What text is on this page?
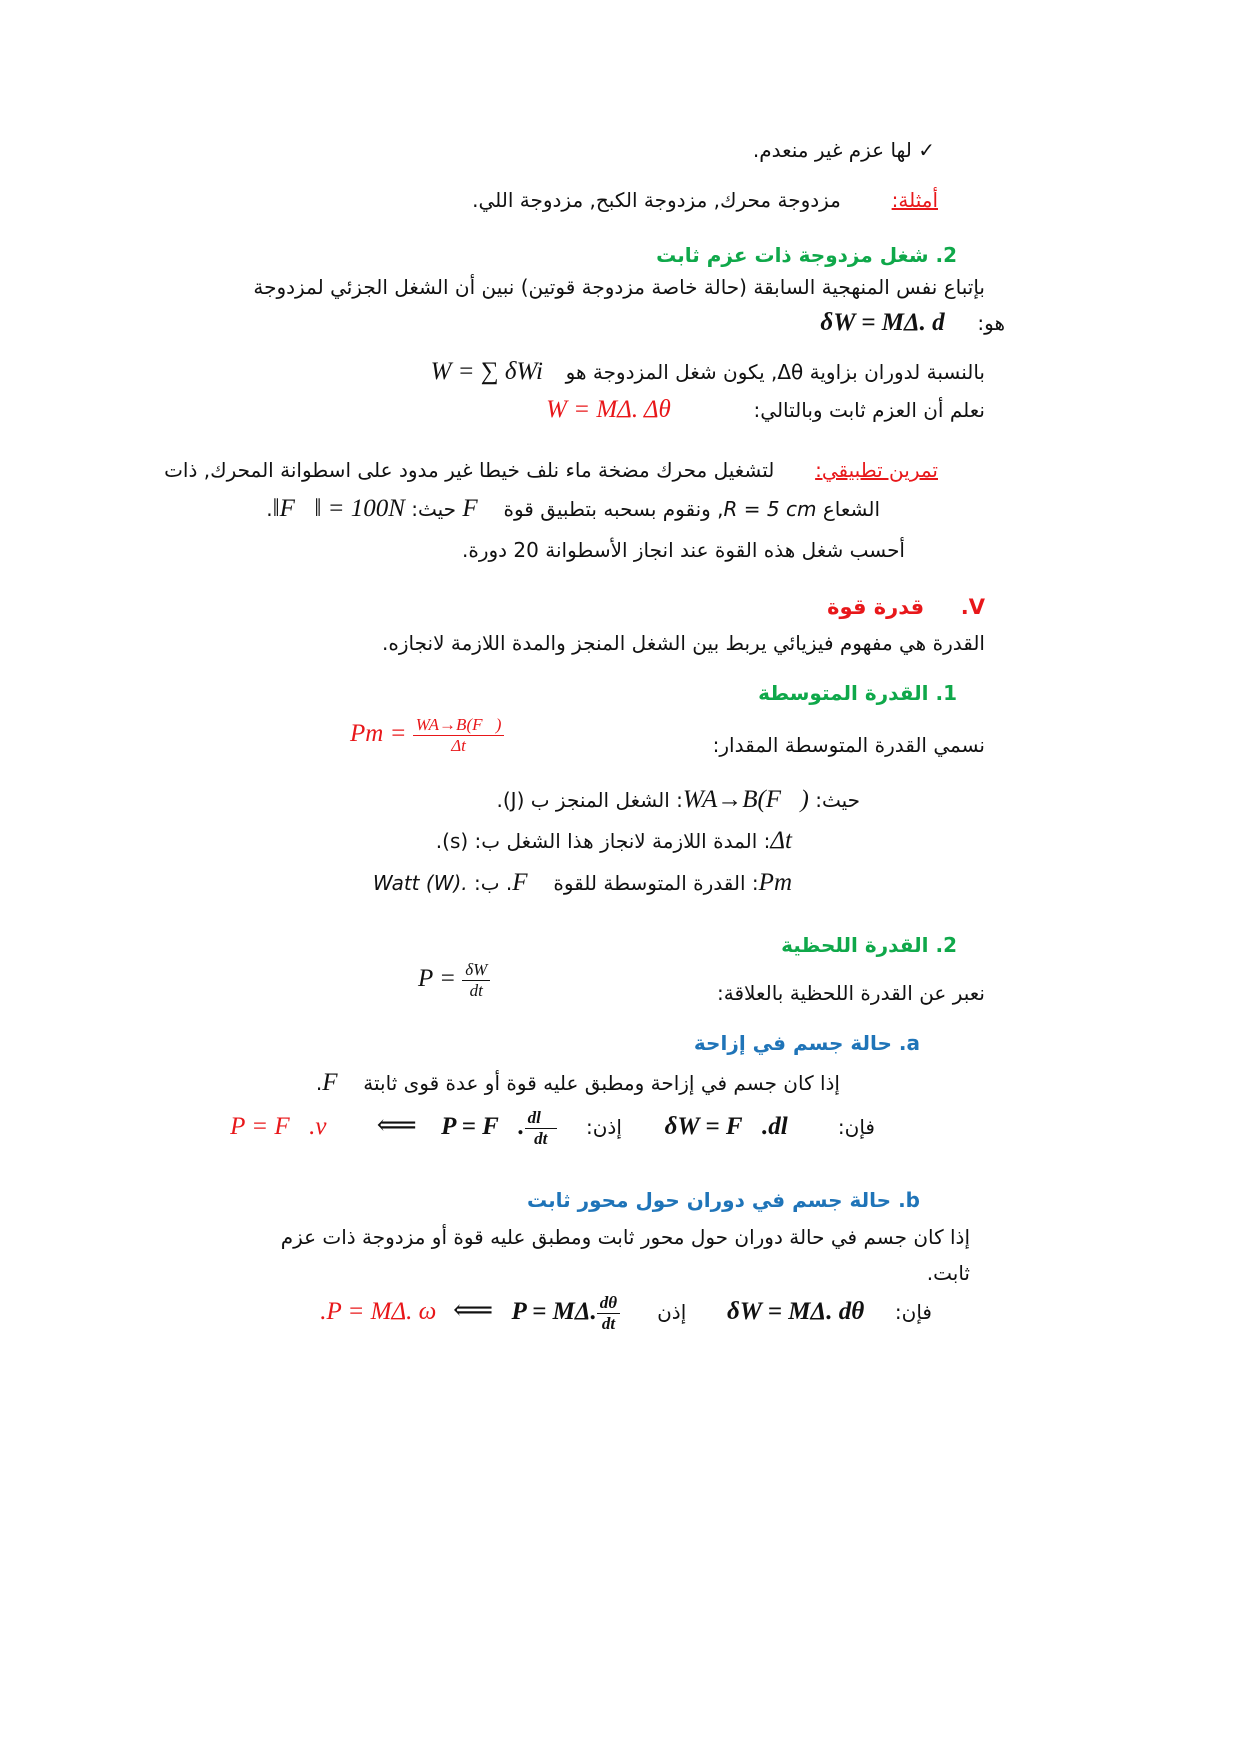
✓ لها عزم غير منعدم.
أمثلة:  مزدوجة محرك, مزدوجة الكبح, مزدوجة اللي.
2. شغل مزدوجة ذات عزم ثابت
بإتباع نفس المنهجية السابقة (حالة خاصة مزدوجة قوتين) نبين أن الشغل الجزئي لمزدوجة
هو:  δW = MΔ. d
بالنسبة لدوران بزاوية Δθ, يكون شغل المزدوجة هو  W = ∑ δWi
نعلم أن العزم ثابت وبالتالي:  W = MΔ. Δθ
تمرين تطبيقي:  لتشغيل محرك مضخة ماء نلف خيطا غير مدود على اسطوانة المحرك, ذات
الشعاع R = 5 cm, ونقوم بسحبه بتطبيق قوة F⃗ حيث: ‖F⃗‖ = 100N.
أحسب شغل هذه القوة عند انجاز الأسطوانة 20 دورة.
V.  قدرة قوة
القدرة هي مفهوم فيزيائي يربط بين الشغل المنجز والمدة اللازمة لانجازه.
1. القدرة المتوسطة
نسمي القدرة المتوسطة المقدار:
$Pm = \frac{WA\to B(F⃗)}{\Delta t}$
حيث: WA→B(F⃗): الشغل المنجز ب (J).
Δt: المدة اللازمة لانجاز هذا الشغل ب: (s).
Pm: القدرة المتوسطة للقوة F⃗. ب: Watt (W).
2. القدرة اللحظية
نعبر عن القدرة اللحظية بالعلاقة:
$P = \frac{\delta W}{dt}$
a. حالة جسم في إزاحة
إذا كان جسم في إزاحة ومطبق عليه قوة أو عدة قوى ثابتة F⃗.
فإن:  δW = F⃗.dl⃗  إذن:  P = F⃗. $\frac{dl⃗}{dt}$
⟸  P = F⃗.v⃗
b. حالة جسم في دوران حول محور ثابت
إذا كان جسم في حالة دوران حول محور ثابت ومطبق عليه قوة أو مزدوجة ذات عزم
ثابت.
فإن:  δW = MΔ. dθ  إذن  P = MΔ. $\frac{d\theta}{dt}$
⟸  .P = MΔ. ω
